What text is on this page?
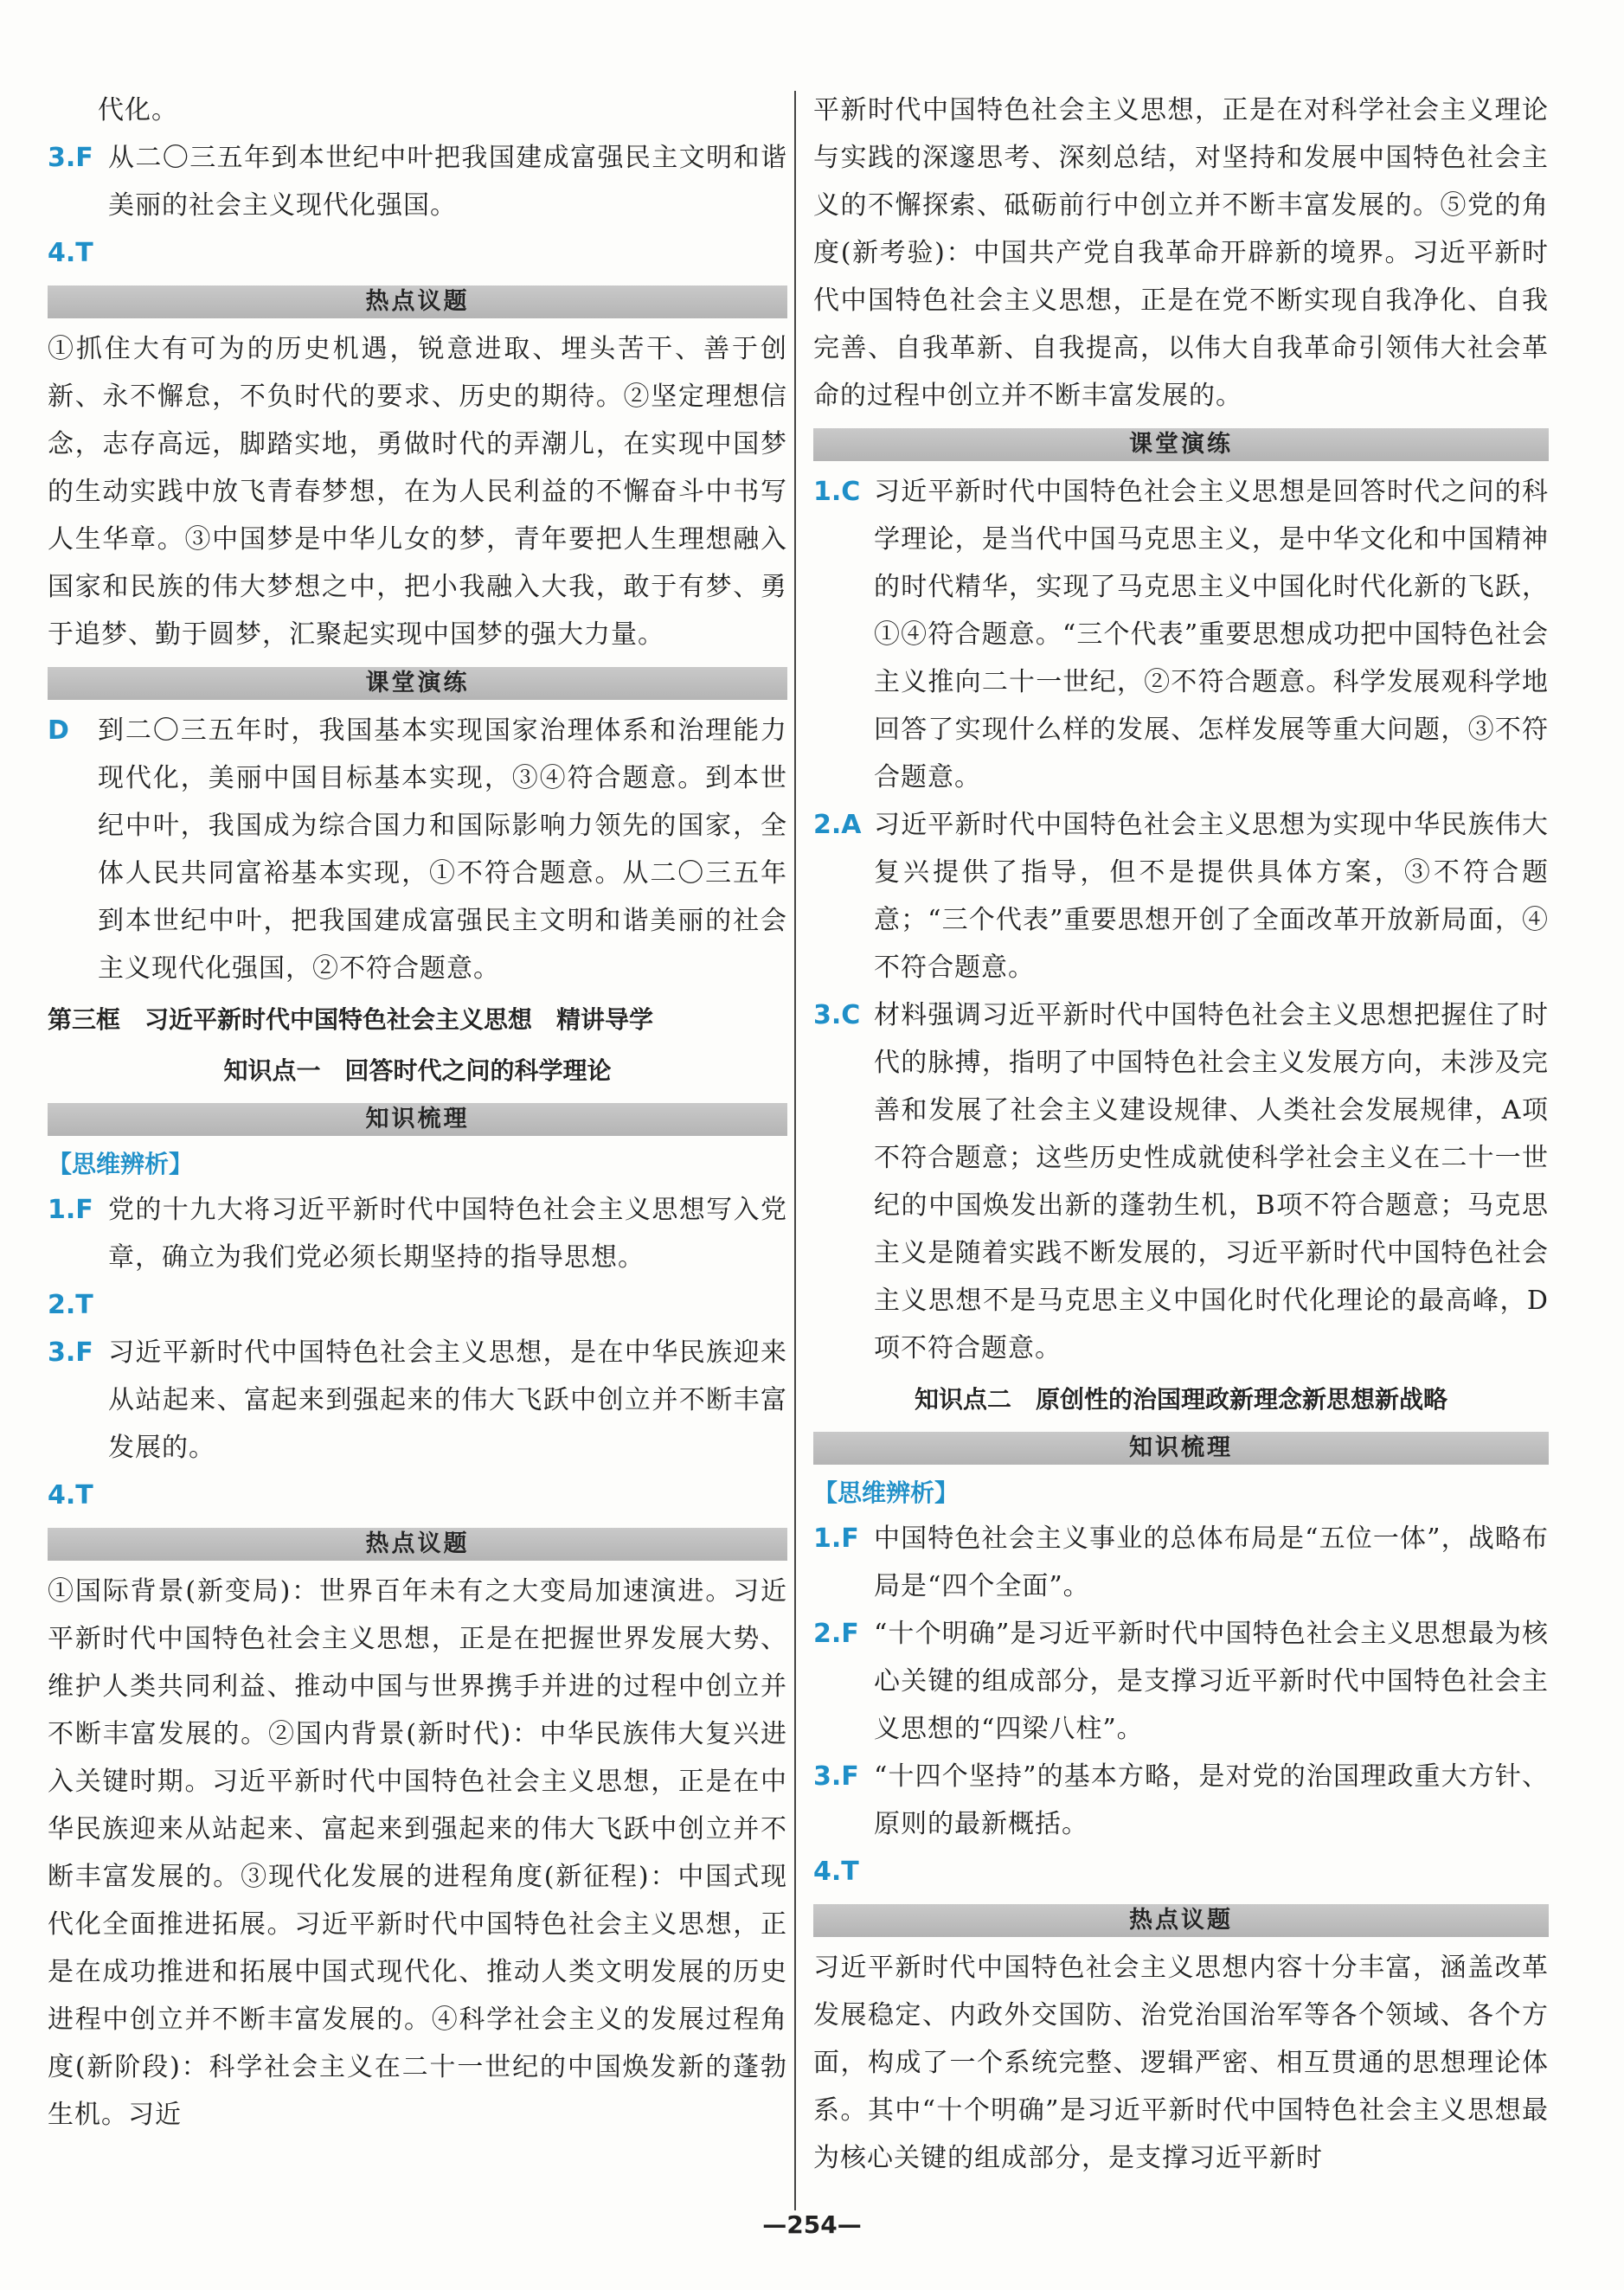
代化。

3.F 从二〇三五年到本世纪中叶把我国建成富强民主文明和谐美丽的社会主义现代化强国。
4.T
热点议题

①抓住大有可为的历史机遇，锐意进取、埋头苦干、善于创新、永不懈怠，不负时代的要求、历史的期待。②坚定理想信念，志存高远，脚踏实地，勇做时代的弄潮儿，在实现中国梦的生动实践中放飞青春梦想，在为人民利益的不懈奋斗中书写人生华章。③中国梦是中华儿女的梦，青年要把人生理想融入国家和民族的伟大梦想之中，把小我融入大我，敢于有梦、勇于追梦、勤于圆梦，汇聚起实现中国梦的强大力量。

课堂演练
D	到二〇三五年时，我国基本实现国家治理体系和治理能力现代化，美丽中国目标基本实现，③④符合题意。到本世纪中叶，我国成为综合国力和国际影响力领先的国家，全体人民共同富裕基本实现，①不符合题意。从二〇三五年到本世纪中叶，把我国建成富强民主文明和谐美丽的社会主义现代化强国，②不符合题意。
第三框　习近平新时代中国特色社会主义思想　精讲导学
知识点一　回答时代之问的科学理论
知识梳理
【思维辨析】
1.F 党的十九大将习近平新时代中国特色社会主义思想写入党章，确立为我们党必须长期坚持的指导思想。
2.T
3.F 习近平新时代中国特色社会主义思想，是在中华民族迎来从站起来、富起来到强起来的伟大飞跃中创立并不断丰富发展的。
4.T
热点议题

①国际背景(新变局)：世界百年未有之大变局加速演进。习近平新时代中国特色社会主义思想，正是在把握世界发展大势、维护人类共同利益、推动中国与世界携手并进的过程中创立并不断丰富发展的。②国内背景(新时代)：中华民族伟大复兴进入关键时期。习近平新时代中国特色社会主义思想，正是在中华民族迎来从站起来、富起来到强起来的伟大飞跃中创立并不断丰富发展的。③现代化发展的进程角度(新征程)：中国式现代化全面推进拓展。习近平新时代中国特色社会主义思想，正是在成功推进和拓展中国式现代化、推动人类文明发展的历史进程中创立并不断丰富发展的。④科学社会主义的发展过程角度(新阶段)：科学社会主义在二十一世纪的中国焕发新的蓬勃生机。习近

平新时代中国特色社会主义思想，正是在对科学社会主义理论与实践的深邃思考、深刻总结，对坚持和发展中国特色社会主义的不懈探索、砥砺前行中创立并不断丰富发展的。⑤党的角度(新考验)：中国共产党自我革命开辟新的境界。习近平新时代中国特色社会主义思想，正是在党不断实现自我净化、自我完善、自我革新、自我提高，以伟大自我革命引领伟大社会革命的过程中创立并不断丰富发展的。

课堂演练
1.C 习近平新时代中国特色社会主义思想是回答时代之问的科学理论，是当代中国马克思主义，是中华文化和中国精神的时代精华，实现了马克思主义中国化时代化新的飞跃，①④符合题意。“三个代表”重要思想成功把中国特色社会主义推向二十一世纪，②不符合题意。科学发展观科学地回答了实现什么样的发展、怎样发展等重大问题，③不符合题意。
2.A 习近平新时代中国特色社会主义思想为实现中华民族伟大复兴提供了指导，但不是提供具体方案，③不符合题意；“三个代表”重要思想开创了全面改革开放新局面，④不符合题意。
3.C 材料强调习近平新时代中国特色社会主义思想把握住了时代的脉搏，指明了中国特色社会主义发展方向，未涉及完善和发展了社会主义建设规律、人类社会发展规律，A项不符合题意；这些历史性成就使科学社会主义在二十一世纪的中国焕发出新的蓬勃生机，B项不符合题意；马克思主义是随着实践不断发展的，习近平新时代中国特色社会主义思想不是马克思主义中国化时代化理论的最高峰，D项不符合题意。
知识点二　原创性的治国理政新理念新思想新战略
知识梳理
【思维辨析】
1.F 中国特色社会主义事业的总体布局是“五位一体”，战略布局是“四个全面”。
2.F “十个明确”是习近平新时代中国特色社会主义思想最为核心关键的组成部分，是支撑习近平新时代中国特色社会主义思想的“四梁八柱”。
3.F “十四个坚持”的基本方略，是对党的治国理政重大方针、原则的最新概括。
4.T
热点议题

习近平新时代中国特色社会主义思想内容十分丰富，涵盖改革发展稳定、内政外交国防、治党治国治军等各个领域、各个方面，构成了一个系统完整、逻辑严密、相互贯通的思想理论体系。其中“十个明确”是习近平新时代中国特色社会主义思想最为核心关键的组成部分，是支撑习近平新时

—254—
